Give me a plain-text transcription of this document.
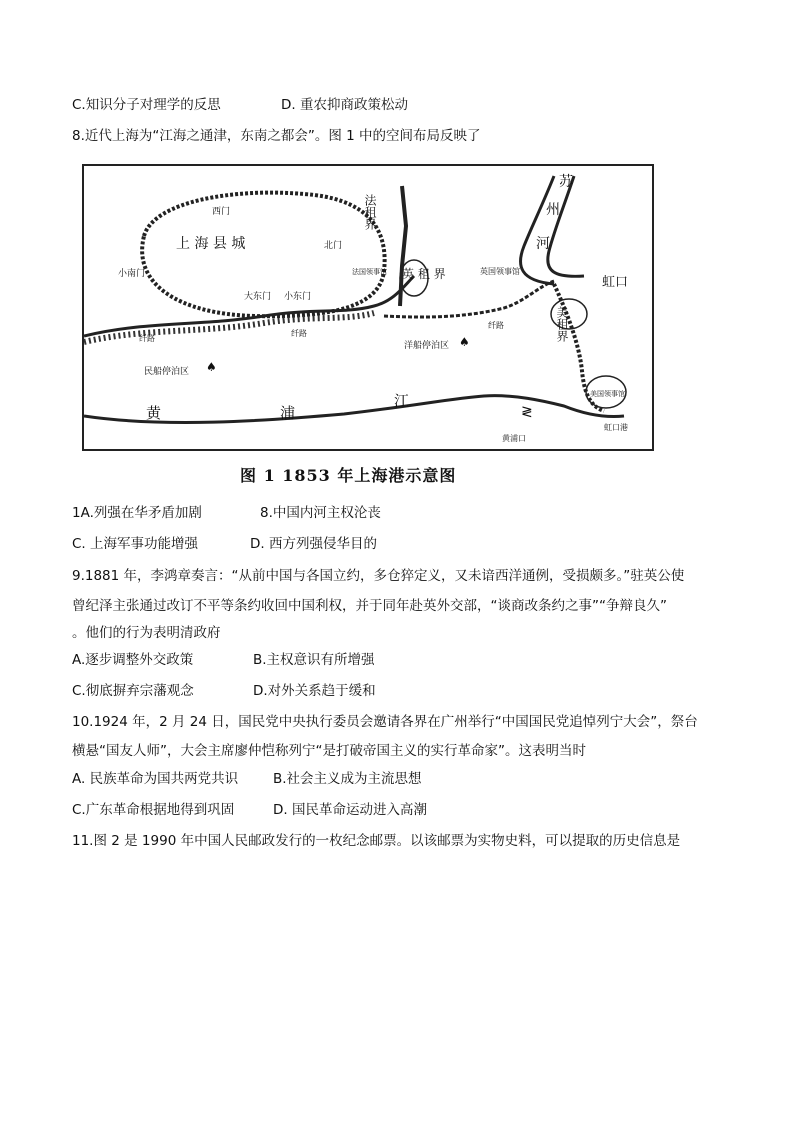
C.知识分子对理学的反思	D. 重农抑商政策松动
8.近代上海为“江海之通津，东南之都会”。图 1 中的空间布局反映了
♠
♠
≷
西门
上 海 县 城	北门
小南门
大东门 小东门
法国领事馆
纤路
纤路
纤路
民船停泊区
洋船停泊区
黄	浦
江
法租界
英 租 界	英国领事馆
苏
州
河
虹口
美租界
美国领事馆
虹口港
黄浦口
图 1 1853 年上海港示意图
1A.列强在华矛盾加剧	8.中国内河主权沦丧
C. 上海军事功能增强	D. 西方列强侵华目的
9.1881 年，李鸿章奏言：“从前中国与各国立约，多仓猝定义，又未谙西洋通例，受损颇多。”驻英公使
曾纪泽主张通过改订不平等条约收回中国利权，并于同年赴英外交部，“谈商改条约之事”“争辩良久”
。他们的行为表明清政府
A.逐步调整外交政策	B.主权意识有所增强
C.彻底摒弃宗藩观念	D.对外关系趋于缓和
10.1924 年，2 月 24 日，国民党中央执行委员会邀请各界在广州举行“中国国民党追悼列宁大会”，祭台
横悬“国友人师”，大会主席廖仲恺称列宁“是打破帝国主义的实行革命家”。这表明当时
A. 民族革命为国共两党共识	B.社会主义成为主流思想
C.广东革命根据地得到巩固	D. 国民革命运动进入高潮
11.图 2 是 1990 年中国人民邮政发行的一枚纪念邮票。以该邮票为实物史料，可以提取的历史信息是
